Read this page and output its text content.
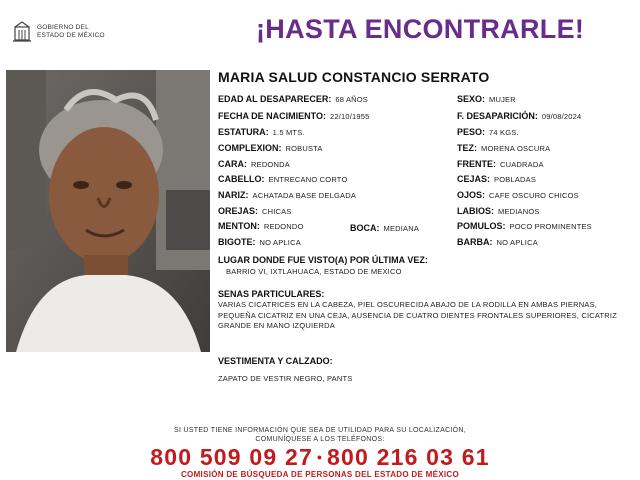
GOBIERNO DEL
ESTADO DE MÉXICO	¡HASTA ENCONTRARLE!
MARIA SALUD CONSTANCIO SERRATO
EDAD AL DESAPARECER: 68 AÑOS
FECHA DE NACIMIENTO: 22/10/1955
ESTATURA: 1.5 MTS.
COMPLEXION: ROBUSTA
CARA: REDONDA
CABELLO: ENTRECANO CORTO
NARIZ: ACHATADA BASE DELGADA
OREJAS: CHICAS
MENTON: REDONDO
BIGOTE: NO APLICA
BOCA: MEDIANA
SEXO: MUJER
F. DESAPARICIÓN: 09/08/2024
PESO: 74 KGS.
TEZ: MORENA OSCURA
FRENTE: CUADRADA
CEJAS: POBLADAS
OJOS: CAFE OSCURO CHICOS
LABIOS: MEDIANOS
POMULOS: POCO PROMINENTES
BARBA: NO APLICA
LUGAR DONDE FUE VISTO(A) POR ÚLTIMA VEZ:
BARRIO VI, IXTLAHUACA, ESTADO DE MEXICO
SENAS PARTICULARES:
VARIAS CICATRICES EN LA CABEZA, PIEL OSCURECIDA ABAJO DE LA RODILLA EN AMBAS PIERNAS, PEQUEÑA CICATRIZ EN UNA CEJA, AUSENCIA DE CUATRO DIENTES FRONTALES SUPERIORES, CICATRIZ GRANDE EN MANO IZQUIERDA
VESTIMENTA Y CALZADO:
ZAPATO DE VESTIR NEGRO, PANTS
SI USTED TIENE INFORMACIÓN QUE SEA DE UTILIDAD PARA SU LOCALIZACIÓN,
COMUNÍQUESE A LOS TELÉFONOS:
800 509 09 27 • 800 216 03 61
COMISIÓN DE BÚSQUEDA DE PERSONAS DEL ESTADO DE MÉXICO
